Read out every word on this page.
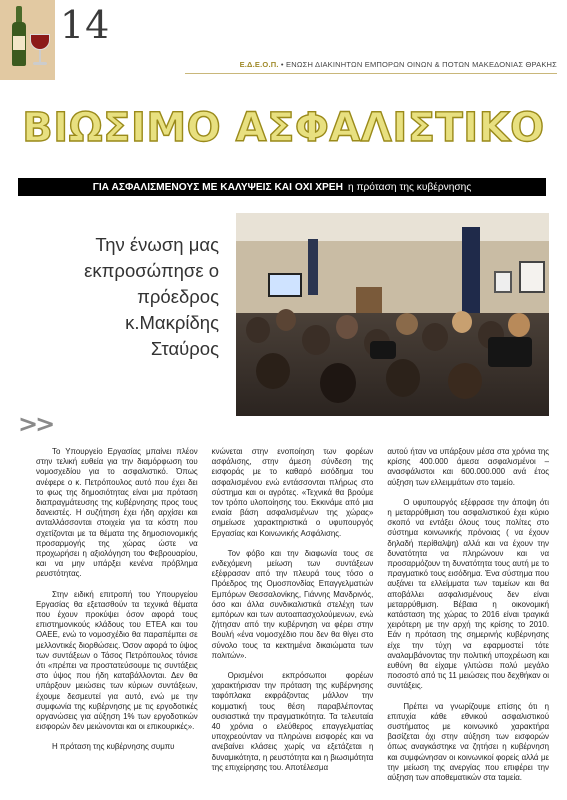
14
Ε.Δ.Ε.Ο.Π. • ΕΝΩΣΗ ΔΙΑΚΙΝΗΤΩΝ ΕΜΠΟΡΩΝ ΟΙΝΩΝ & ΠΟΤΩΝ ΜΑΚΕΔΟΝΙΑΣ ΘΡΑΚΗΣ
ΒΙΩΣΙΜΟ ΑΣΦΑΛΙΣΤΙΚΟ
ΓΙΑ ΑΣΦΑΛΙΣΜΕΝΟΥΣ ΜΕ ΚΑΛΥΨΕΙΣ ΚΑΙ ΟΧΙ ΧΡΕΗ η πρόταση της κυβέρνησης
Την ένωση μας
εκπροσώπησε ο
πρόεδρος
κ.Μακρίδης
Σταύρος
>>

Το Υπουργείο Εργασίας μπαίνει πλέον στην τελική ευθεία για την διαμόρφωση του νομοσχεδίου για το ασφαλιστικό. Όπως ανέφερε ο κ. Πετρόπουλος αυτό που έχει δει το φως της δημοσιότητας είναι μια πρόταση διαπραγμάτευσης της κυβέρνησης προς τους δανειστές. Η συζήτηση έχει ήδη αρχίσει και ανταλλάσσονται στοιχεία για τα κόστη που σχετίζονται με τα θέματα της δημοσιονομικής προσαρμογής της χώρας ώστε να προχωρήσει η αξιολόγηση του Φεβρουαρίου, και να μην υπάρξει κενένα πρόβλημα ρευστότητας.

Στην ειδική επιτροπή του Υπουργείου Εργασίας θα εξετασθούν τα τεχνικά θέματα που έχουν προκύψει όσον αφορά τους επιστημονικούς κλάδους του ΕΤΕΑ και του ΟΑΕΕ, ενώ το νομοσχέδιο θα παραπέμπει σε μελλοντικές διορθώσεις. Όσον αφορά το ύψος των συντάξεων ο Τάσος Πετρόπουλος τόνισε ότι «πρέπει να προστατεύσουμε τις συντάξεις στο ύψος που ήδη καταβάλλονται. Δεν θα υπάρξουν μειώσεις των κύριων συντάξεων, έχουμε δεσμευτεί για αυτό, ενώ με την συμφωνία της κυβέρνησης με τις εργοδοτικές οργανώσεις για αύξηση 1% των εργοδοτικών εισφορών δεν μειώνονται και οι επικουρικές».

Η πρόταση της κυβέρνησης συμπυ

κνώνεται στην ενοποίηση των φορέων ασφάλισης, στην άμεση σύνδεση της εισφοράς με το καθαρό εισόδημα του ασφαλισμένου ενώ εντάσσονται πλήρως στο σύστημα και οι αγρότες. «Τεχνικά θα βρούμε τον τρόπο υλοποίησης του. Εκκινάμε από μια ενιαία βάση ασφαλισμένων της χώρας» σημείωσε χαρακτηριστικά ο υφυπουργός Εργασίας και Κοινωνικής Ασφάλισης.

Τον φόβο και την διαφωνία τους σε ενδεχόμενη μείωση των συντάξεων εξέφρασαν από την πλευρά τους τόσο ο Πρόεδρος της Ομοσπονδίας Επαγγελματιών Εμπόρων Θεσσαλονίκης, Γιάννης Μανδρινός, όσο και άλλα συνδικαλιστικά στελέχη των εμπόρων και των αυτοαπασχολούμενων, ενώ ζήτησαν από την κυβέρνηση να φέρει στην Βουλή «ένα νομοσχέδιο που δεν θα θίγει στο σύνολο τους τα κεκτημένα δικαιώματα των πολιτών».

Ορισμένοι εκπρόσωποι φορέων χαρακτήρισαν την πρόταση της κυβέρνησης ταφόπλακα εκφράζοντας μάλλον την κομματική τους θέση παραβλέποντας ουσιαστικά την πραγματικότητα. Τα τελευταία 40 χρόνια ο ελεύθερος επαγγελματίας υποχρεούνταν να πληρώνει εισφορές και να ανεβαίνει κλάσεις χωρίς να εξετάζεται η δυναμικότητα, η ρευστότητα και η βιωσιμότητα της επιχείρησης του. Αποτέλεσμα

αυτού ήταν να υπάρξουν μέσα στα χρόνια της κρίσης 400.000 άμεσα ασφαλισμένοι – ανασφάλιστοι και 600.000.000 ανά έτος αύξηση των ελλειμμάτων στο ταμείο.

Ο υφυπουργός εξέφρασε την άποψη ότι η μεταρρύθμιση του ασφαλιστικού έχει κύριο σκοπό να εντάξει όλους τους πολίτες στο σύστημα κοινωνικής πρόνοιας ( να έχουν δηλαδή περίθαλψη) αλλά και να έχουν την δυνατότητα να πληρώνουν και να προσαρμόζουν τη δυνατότητα τους αυτή με το πραγματικό τους εισόδημα. Ένα σύστημα που αυξάνει τα ελλείμματα των ταμείων και θα αποβάλλει ασφαλισμένους δεν είναι μεταρρύθμιση. Βέβαια η οικονομική κατάσταση της χώρας το 2016 είναι τραγικά χειρότερη με την αρχή της κρίσης το 2010. Εάν η πρόταση της σημερινής κυβέρνησης είχε την τύχη να εφαρμοστεί τότε αναλαμβάνοντας την πολιτική υποχρέωση και ευθύνη θα είχαμε γλιτώσει πολύ μεγάλο ποσοστό από τις 11 μειώσεις που δεχθήκαν οι συντάξεις.

Πρέπει να γνωρίζουμε επίσης ότι η επιτυχία κάθε εθνικού ασφαλιστικού συστήματος με κοινωνικό χαρακτήρα βασίζεται όχι στην αύξηση των εισφορών όπως αναγκάστηκε να ζητήσει η κυβέρνηση και συμφώνησαν οι κοινωνικοί φορείς αλλά με την μείωση της ανεργίας που επιφέρει την αύξηση των αποθεματικών στα ταμεία.
